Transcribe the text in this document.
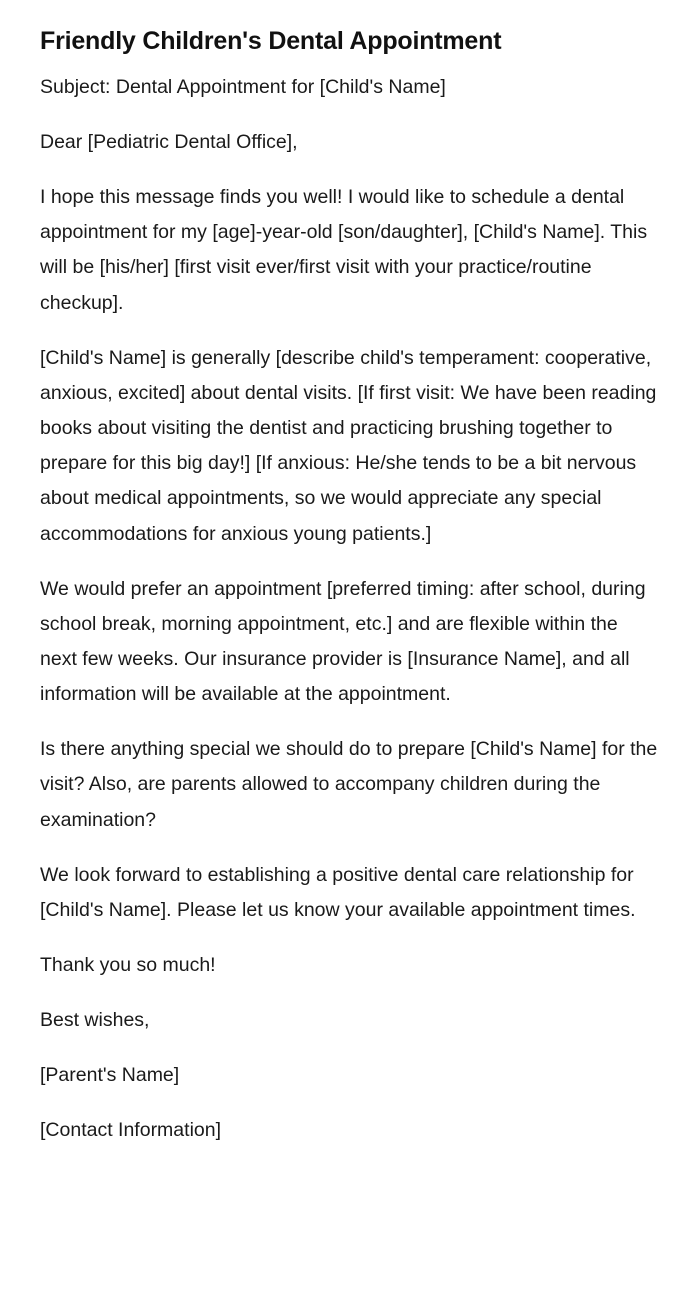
Friendly Children's Dental Appointment

Subject: Dental Appointment for [Child's Name]

Dear [Pediatric Dental Office],

I hope this message finds you well! I would like to schedule a dental appointment for my [age]-year-old [son/daughter], [Child's Name]. This will be [his/her] [first visit ever/first visit with your practice/routine checkup].

[Child's Name] is generally [describe child's temperament: cooperative, anxious, excited] about dental visits. [If first visit: We have been reading books about visiting the dentist and practicing brushing together to prepare for this big day!] [If anxious: He/she tends to be a bit nervous about medical appointments, so we would appreciate any special accommodations for anxious young patients.]

We would prefer an appointment [preferred timing: after school, during school break, morning appointment, etc.] and are flexible within the next few weeks. Our insurance provider is [Insurance Name], and all information will be available at the appointment.

Is there anything special we should do to prepare [Child's Name] for the visit? Also, are parents allowed to accompany children during the examination?

We look forward to establishing a positive dental care relationship for [Child's Name]. Please let us know your available appointment times.

Thank you so much!

Best wishes,

[Parent's Name]

[Contact Information]
